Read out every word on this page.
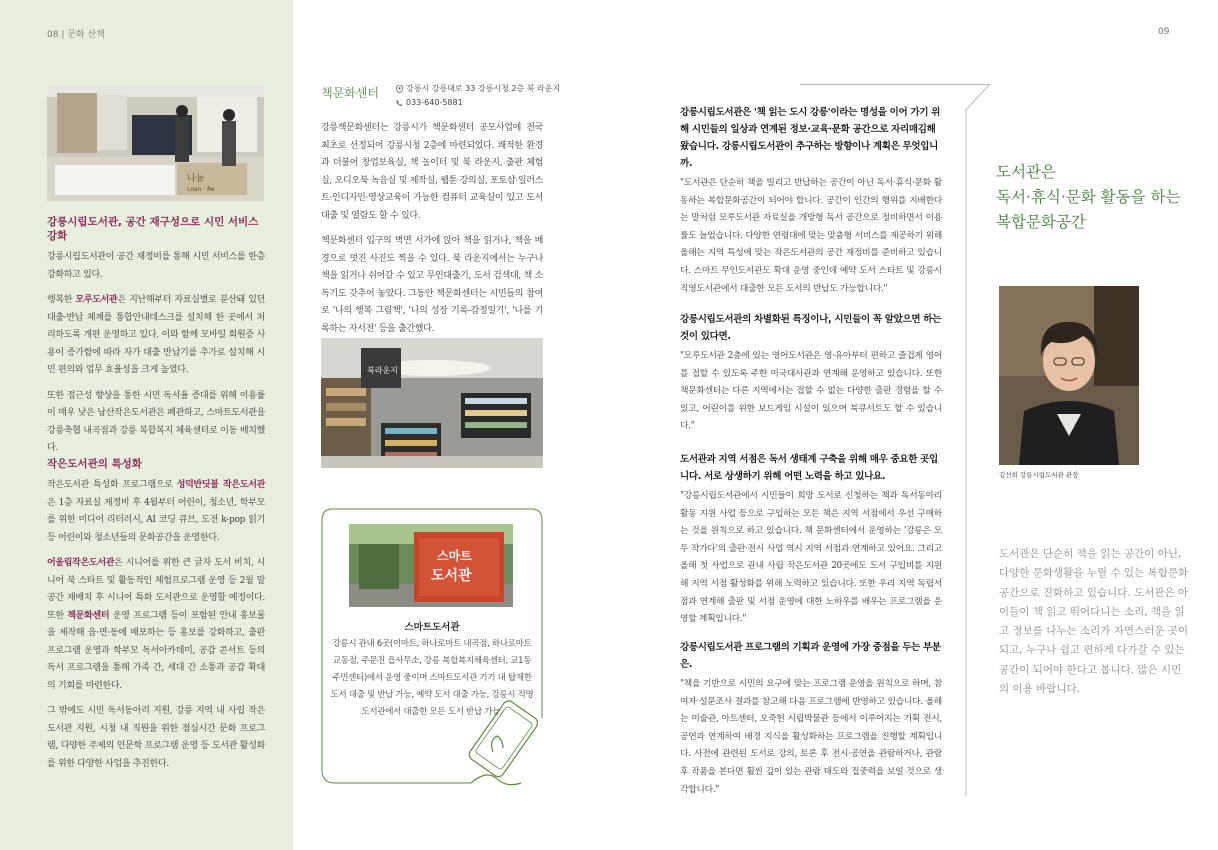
08 | 문화 산책	09
나눔
Loan · Re
강릉시립도서관, 공간 재구성으로 시민 서비스 강화

강릉시립도서관이 공간 재정비를 통해 시민 서비스를 한층 강화하고 있다.

행복한 모루도서관은 지난해부터 자료실별로 분산돼 있던 대출·반납 체계를 통합안내데스크를 설치해 한 곳에서 처리하도록 개편 운영하고 있다. 이와 함께 모바일 회원증 사용이 증가함에 따라 자가 대출 반납기를 추가로 설치해 시민 편의와 업무 효율성을 크게 높였다.

또한 접근성 향상을 통한 시민 독서율 증대를 위해 이용률이 매우 낮은 남산작은도서관은 폐관하고, 스마트도서관을 강릉축협 내곡점과 강릉 복합복지 체육센터로 이동 배치했다.

작은도서관의 특성화

작은도서관 특성화 프로그램으로 성덕반딧불 작은도서관은 1층 자료실 재정비 후 4월부터 어린이, 청소년, 학부모를 위한 미디어 리터러시, AI 코딩 큐브, 도전 k-pop 읽기 등 어린이와 청소년들의 문화공간을 운영한다.

어울림작은도서관은 시니어를 위한 큰 글자 도서 비치, 시니어 북 스타트 및 활동적인 체험프로그램 운영 등 2월 말 공간 재배치 후 시니어 특화 도서관으로 운영할 예정이다. 또한 책문화센터 운영 프로그램 등이 포함된 안내 홍보물을 제작해 읍·면·동에 배포하는 등 홍보를 강화하고, 출판 프로그램 운영과 학부모 독서아카데미, 공감 콘서트 등의 독서 프로그램을 통해 가족 간, 세대 간 소통과 공감 확대의 기회를 마련한다.

그 밖에도 시민 독서동아리 지원, 강릉 지역 내 사립 작은도서관 지원, 시청 내 직원을 위한 점심시간 문화 프로그램, 다양한 주제의 인문학 프로그램 운영 등 도서관 활성화를 위한 다양한 사업을 추진한다.

책문화센터	강릉시 강릉대로 33 강릉시청 2층 북 라운지
033-640-5881

강릉책문화센터는 강릉시가 책문화센터 공모사업에 전국 최초로 선정되어 강릉시청 2층에 마련되었다. 쾌적한 환경과 더불어 창업보육실, 책 놀이터 및 북 라운지, 출판 체험실, 오디오북 녹음실 및 제작실, 웹툰 강의실, 포토샵·일러스트·인디자인·영상교육이 가능한 컴퓨터 교육실이 있고 도서 대출 및 열람도 할 수 있다.

책문화센터 입구의 벽면 서가에 앉아 책을 읽거나, 책을 배경으로 멋진 사진도 찍을 수 있다. 북 라운지에서는 누구나 책을 읽거나 쉬어갈 수 있고 무인대출기, 도서 검색대, 책 소독기도 갖추어 놓았다. 그동안 책문화센터는 시민들의 참여로 '나의 행복 그림책', '나의 성장 기록-감정일기', '나를 기록하는 자서전' 등을 출간했다.

북라운지
스마트
도서관
스마트도서관
강릉시 관내 6곳(이마트, 하나로마트 내곡점, 하나로마트 교동점, 주문진 읍사무소, 강릉 복합복지체육센터, 교1동 주민센터)에서 운영 중이며 스마트도서관 기기 내 탑재한 도서 대출 및 반납 가능, 예약 도서 대출 가능, 강릉시 직영도서관에서 대출한 모든 도서 반납 가능.
강릉시립도서관은 '책 읽는 도시 강릉'이라는 명성을 이어 가기 위해 시민들의 일상과 연계된 정보·교육·문화 공간으로 자리매김해 왔습니다. 강릉시립도서관이 추구하는 방향이나 계획은 무엇입니까.
"도서관은 단순히 책을 빌리고 반납하는 공간이 아닌 독서·휴식·문화 활동하는 복합문화공간이 되어야 합니다. 공간이 인간의 행위를 지배한다는 말처럼 모루도서관 자료실을 개방형 독서 공간으로 정비하면서 이용률도 늘었습니다. 다양한 연령대에 맞는 맞춤형 서비스를 제공하기 위해 올해는 지역 특성에 맞는 작은도서관의 공간 재정비를 준비하고 있습니다. 스마트 무인도서관도 확대 운영 중인데 예약 도서 스타트 및 강릉시 직영도서관에서 대출한 모든 도서의 반납도 가능합니다."
강릉시립도서관의 차별화된 특징이나, 시민들이 꼭 알았으면 하는 것이 있다면.
"모루도서관 2층에 있는 영어도서관은 영·유아부터 편하고 즐겁게 영어를 접할 수 있도록 주한 미국대사관과 연계해 운영하고 있습니다. 또한 책문화센터는 다른 지역에서는 접할 수 없는 다양한 출판 경험을 할 수 있고, 어린이를 위한 보드게임 시설이 있으며 북큐서트도 할 수 있습니다."
도서관과 지역 서점은 독서 생태계 구축을 위해 매우 중요한 곳입니다. 서로 상생하기 위해 어떤 노력을 하고 있나요.
"강릉시립도서관에서 시민들이 희망 도서로 신청하는 책과 독서동아리 활동 지원 사업 등으로 구입하는 모든 책은 지역 서점에서 우선 구매하는 것을 원칙으로 하고 있습니다. 책 문화센터에서 운영하는 '강릉은 모두 작가다'의 출판·전시 사업 역시 지역 서점과 연계하고 있어요. 그리고 올해 첫 사업으로 관내 사립 작은도서관 20곳에도 도서 구입비를 지원해 지역 서점 활성화를 위해 노력하고 있습니다. 또한 우리 지역 독립서점과 연계해 출판 및 서점 운영에 대한 노하우를 배우는 프로그램을 운영할 계획입니다."
강릉시립도서관 프로그램의 기획과 운영에 가장 중점을 두는 부분은.
"책을 기반으로 시민의 요구에 맞는 프로그램 운영을 원칙으로 하며, 참여자 설문조사 결과를 참고해 다음 프로그램에 반영하고 있습니다. 올해는 미술관, 아트센터, 오죽헌 시립박물관 등에서 이루어지는 기획 전시, 공연과 연계하여 배경 지식을 활성화하는 프로그램을 진행할 계획입니다. 사전에 관련된 도서로 강의, 토론 후 전시·공연을 관람하거나, 관람 후 작품을 본다면 훨씬 깊이 있는 관람 태도와 집중력을 보일 것으로 생각합니다."
도서관은
독서·휴식·문화 활동을 하는
복합문화공간
김선희 강릉시립도서관 관장
도서관은 단순히 책을 읽는 공간이 아닌, 다양한 문화생활을 누릴 수 있는 복합문화공간으로 진화하고 있습니다. 도서관은 아이들이 책 읽고 뛰어다니는 소리, 책을 읽고 정보를 나누는 소리가 자연스러운 곳이 되고, 누구나 쉽고 편하게 다가갈 수 있는 공간이 되어야 한다고 봅니다. 많은 시민의 이용 바랍니다.
